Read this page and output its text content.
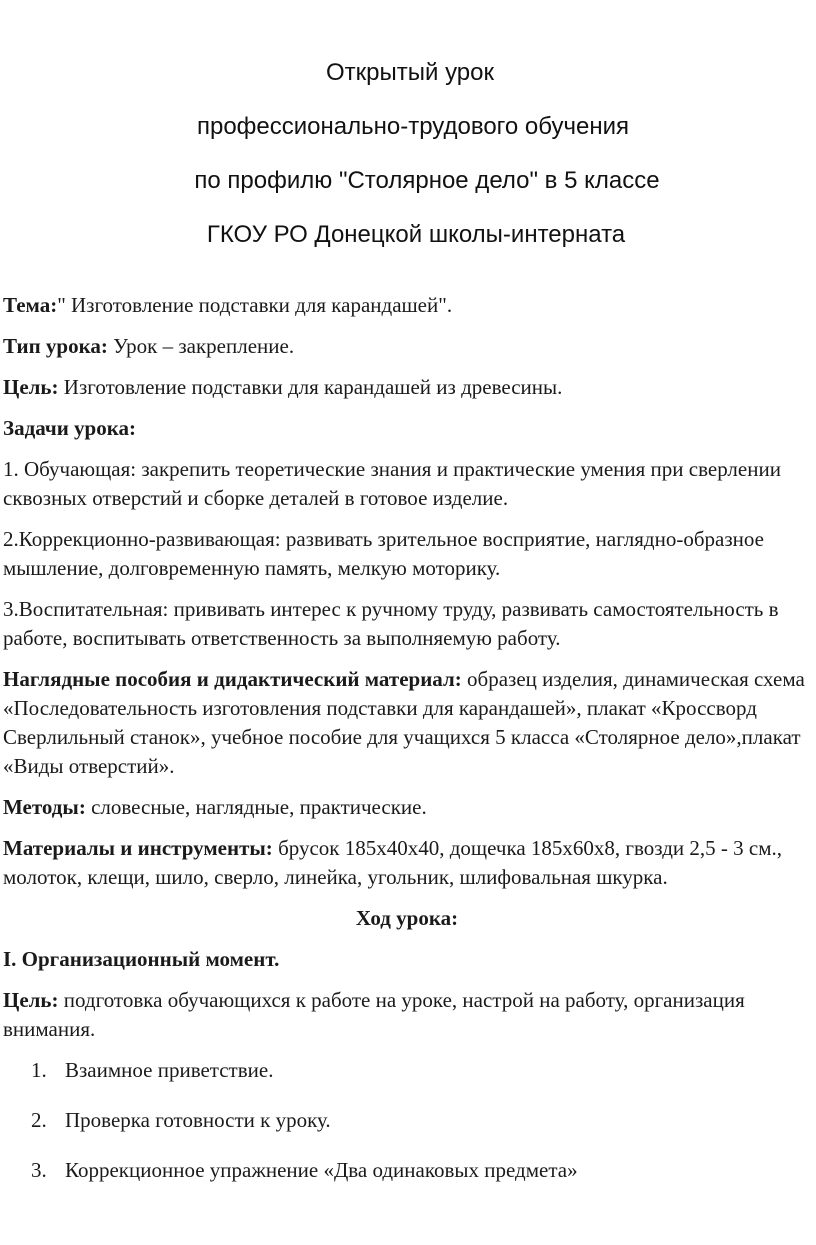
Открытый урок
профессионально-трудового обучения
по профилю "Столярное дело" в 5 классе
ГКОУ РО Донецкой школы-интерната

Тема:" Изготовление подставки для карандашей".

Тип урока: Урок – закрепление.

Цель: Изготовление подставки для карандашей из древесины.

Задачи урока:

1. Обучающая: закрепить теоретические знания и практические умения при сверлении сквозных отверстий и сборке деталей в готовое изделие.

2.Коррекционно-развивающая: развивать зрительное восприятие, наглядно-образное мышление, долговременную память, мелкую моторику.

3.Воспитательная: прививать интерес к ручному труду, развивать самостоятельность в работе, воспитывать ответственность за выполняемую работу.

Наглядные пособия и дидактический материал: образец изделия, динамическая схема «Последовательность изготовления подставки для карандашей», плакат «Кроссворд Сверлильный станок», учебное пособие для учащихся 5 класса «Столярное дело»,плакат «Виды отверстий».

Методы: словесные, наглядные, практические.

Материалы и инструменты: брусок 185х40х40, дощечка 185х60х8, гвозди 2,5 - 3 см., молоток, клещи, шило, сверло, линейка, угольник, шлифовальная шкурка.

Ход урока:

I. Организационный момент.

Цель: подготовка обучающихся к работе на уроке, настрой на работу, организация внимания.

1. Взаимное приветствие.
2. Проверка готовности к уроку.
3. Коррекционное упражнение «Два одинаковых предмета»
